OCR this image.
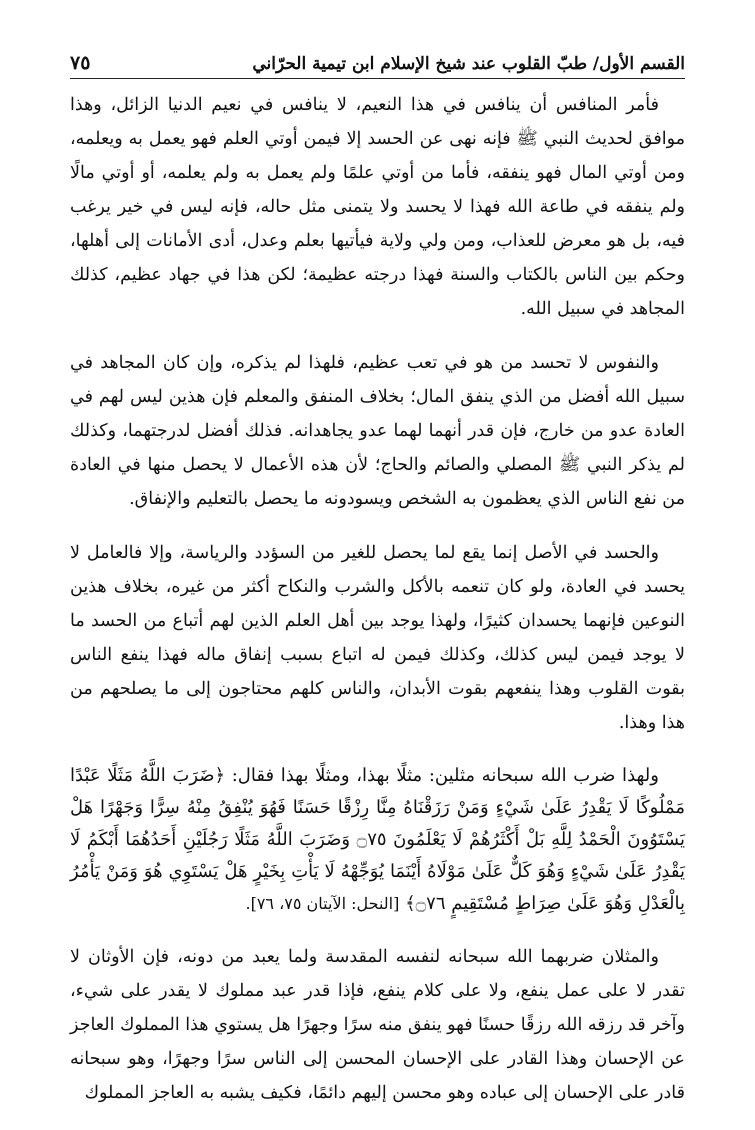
القسم الأول/ طبّ القلوب عند شيخ الإسلام ابن تيمية الحرّاني
٧٥

فأمر المنافس أن ينافس في هذا النعيم، لا ينافس في نعيم الدنيا الزائل، وهذا موافق لحديث النبي ﷺ فإنه نهى عن الحسد إلا فيمن أوتي العلم فهو يعمل به ويعلمه، ومن أوتي المال فهو ينفقه، فأما من أوتي علمًا ولم يعمل به ولم يعلمه، أو أوتي مالًا ولم ينفقه في طاعة الله فهذا لا يحسد ولا يتمنى مثل حاله، فإنه ليس في خير يرغب فيه، بل هو معرض للعذاب، ومن ولي ولاية فيأتيها بعلم وعدل، أدى الأمانات إلى أهلها، وحكم بين الناس بالكتاب والسنة فهذا درجته عظيمة؛ لكن هذا في جهاد عظيم، كذلك المجاهد في سبيل الله.

والنفوس لا تحسد من هو في تعب عظيم، فلهذا لم يذكره، وإن كان المجاهد في سبيل الله أفضل من الذي ينفق المال؛ بخلاف المنفق والمعلم فإن هذين ليس لهم في العادة عدو من خارج، فإن قدر أنهما لهما عدو يجاهدانه. فذلك أفضل لدرجتهما، وكذلك لم يذكر النبي ﷺ المصلي والصائم والحاج؛ لأن هذه الأعمال لا يحصل منها في العادة من نفع الناس الذي يعظمون به الشخص ويسودونه ما يحصل بالتعليم والإنفاق.

والحسد في الأصل إنما يقع لما يحصل للغير من السؤدد والرياسة، وإلا فالعامل لا يحسد في العادة، ولو كان تنعمه بالأكل والشرب والنكاح أكثر من غيره، بخلاف هذين النوعين فإنهما يحسدان كثيرًا، ولهذا يوجد بين أهل العلم الذين لهم أتباع من الحسد ما لا يوجد فيمن ليس كذلك، وكذلك فيمن له اتباع بسبب إنفاق ماله فهذا ينفع الناس بقوت القلوب وهذا ينفعهم بقوت الأبدان، والناس كلهم محتاجون إلى ما يصلحهم من هذا وهذا.

ولهذا ضرب الله سبحانه مثلين: مثلًا بهذا، ومثلًا بهذا فقال: ﴿ضَرَبَ اللَّهُ مَثَلًا عَبْدًا مَمْلُوكًا لَا يَقْدِرُ عَلَىٰ شَيْءٍ وَمَنْ رَزَقْنَاهُ مِنَّا رِزْقًا حَسَنًا فَهُوَ يُنْفِقُ مِنْهُ سِرًّا وَجَهْرًا هَلْ يَسْتَوُونَ الْحَمْدُ لِلَّهِ بَلْ أَكْثَرُهُمْ لَا يَعْلَمُونَ ۝٧٥ وَضَرَبَ اللَّهُ مَثَلًا رَجُلَيْنِ أَحَدُهُمَا أَبْكَمُ لَا يَقْدِرُ عَلَىٰ شَيْءٍ وَهُوَ كَلٌّ عَلَىٰ مَوْلَاهُ أَيْنَمَا يُوَجِّهْهُ لَا يَأْتِ بِخَيْرٍ هَلْ يَسْتَوِي هُوَ وَمَنْ يَأْمُرُ بِالْعَدْلِ وَهُوَ عَلَىٰ صِرَاطٍ مُسْتَقِيمٍ ۝٧٦﴾ [النحل: الآيتان ٧٥، ٧٦].

والمثلان ضربهما الله سبحانه لنفسه المقدسة ولما يعبد من دونه، فإن الأوثان لا تقدر لا على عمل ينفع، ولا على كلام ينفع، فإذا قدر عبد مملوك لا يقدر على شيء، وآخر قد رزقه الله رزقًا حسنًا فهو ينفق منه سرًا وجهرًا هل يستوي هذا المملوك العاجز عن الإحسان وهذا القادر على الإحسان المحسن إلى الناس سرًا وجهرًا، وهو سبحانه قادر على الإحسان إلى عباده وهو محسن إليهم دائمًا، فكيف يشبه به العاجز المملوك
